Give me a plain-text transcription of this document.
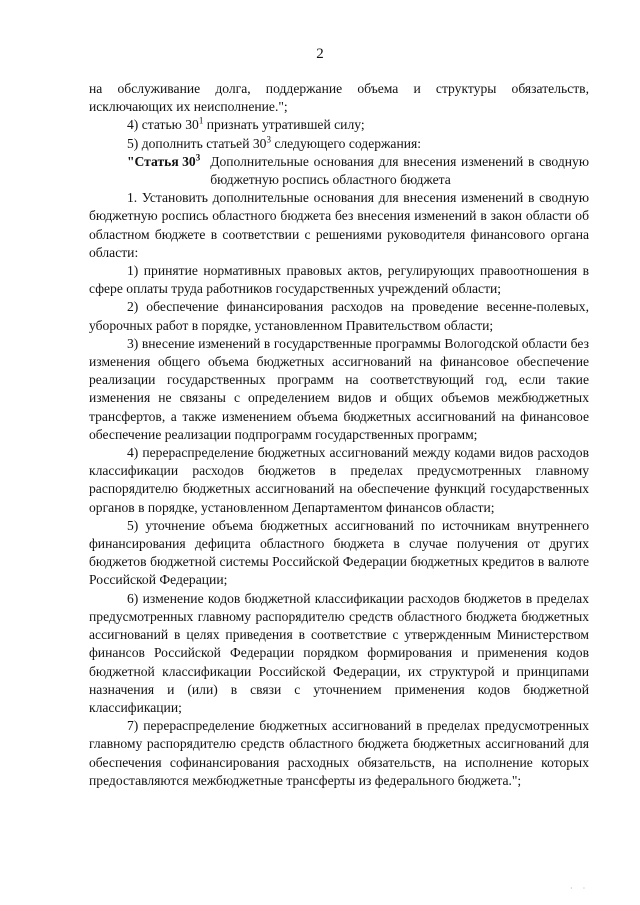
2

на обслуживание долга, поддержание объема и структуры обязательств, исключающих их неисполнение.";

4) статью $30^1$ признать утратившей силу;

5) дополнить статьей $30^3$ следующего содержания:

"Статья $30^3$ Дополнительные основания для внесения изменений в сводную бюджетную роспись областного бюджета

1. Установить дополнительные основания для внесения изменений в сводную бюджетную роспись областного бюджета без внесения изменений в закон области об областном бюджете в соответствии с решениями руководителя финансового органа области:

1) принятие нормативных правовых актов, регулирующих правоотношения в сфере оплаты труда работников государственных учреждений области;

2) обеспечение финансирования расходов на проведение весенне-полевых, уборочных работ в порядке, установленном Правительством области;

3) внесение изменений в государственные программы Вологодской области без изменения общего объема бюджетных ассигнований на финансовое обеспечение реализации государственных программ на соответствующий год, если такие изменения не связаны с определением видов и общих объемов межбюджетных трансфертов, а также изменением объема бюджетных ассигнований на финансовое обеспечение реализации подпрограмм государственных программ;

4) перераспределение бюджетных ассигнований между кодами видов расходов классификации расходов бюджетов в пределах предусмотренных главному распорядителю бюджетных ассигнований на обеспечение функций государственных органов в порядке, установленном Департаментом финансов области;

5) уточнение объема бюджетных ассигнований по источникам внутреннего финансирования дефицита областного бюджета в случае получения от других бюджетов бюджетной системы Российской Федерации бюджетных кредитов в валюте Российской Федерации;

6) изменение кодов бюджетной классификации расходов бюджетов в пределах предусмотренных главному распорядителю средств областного бюджета бюджетных ассигнований в целях приведения в соответствие с утвержденным Министерством финансов Российской Федерации порядком формирования и применения кодов бюджетной классификации Российской Федерации, их структурой и принципами назначения и (или) в связи с уточнением применения кодов бюджетной классификации;

7) перераспределение бюджетных ассигнований в пределах предусмотренных главному распорядителю средств областного бюджета бюджетных ассигнований для обеспечения софинансирования расходных обязательств, на исполнение которых предоставляются межбюджетные трансферты из федерального бюджета.";

· ·
